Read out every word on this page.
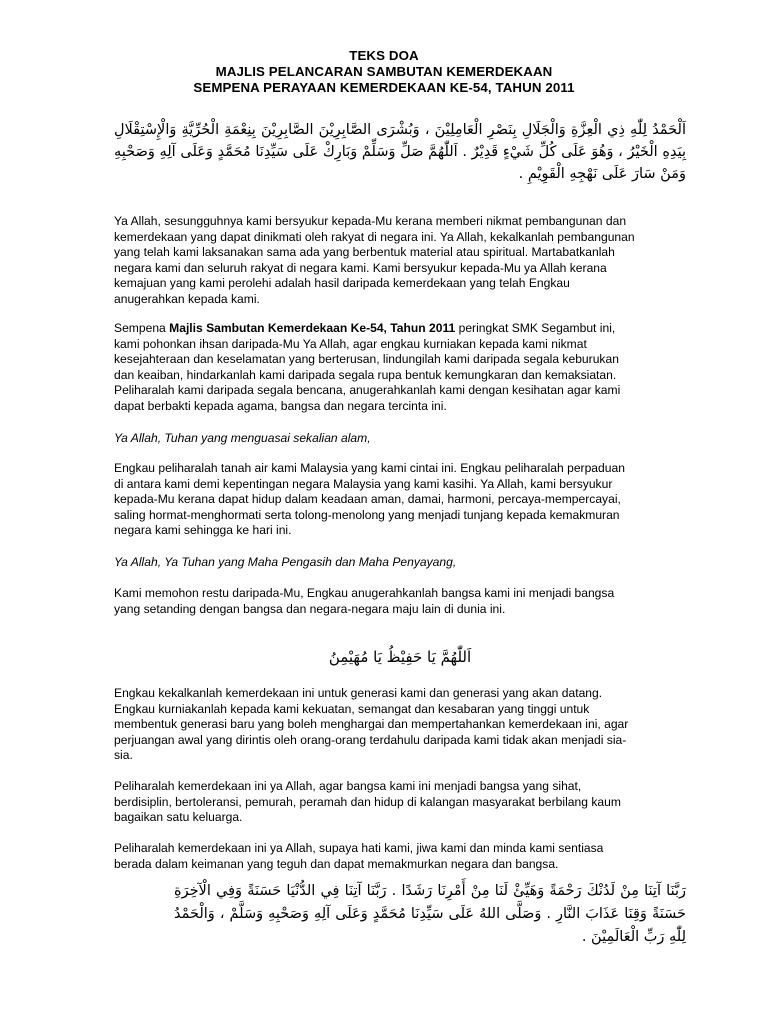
TEKS DOA
MAJLIS PELANCARAN SAMBUTAN KEMERDEKAAN
SEMPENA PERAYAAN KEMERDEKAAN KE-54, TAHUN 2011
اَلْحَمْدُ لِلّٰهِ ذِي الْعِزَّةِ وَالْجَلَالِ بِنَصْرِ الْعَامِلِيْنَ ، وَبُشْرَى الصَّابِرِيْنَ الصَّابِرِيْنَ بِنِعْمَةِ الْحُرِّيَّةِ وَالْإِسْتِقْلَالِ بِيَدِهِ الْخَيْرُ ، وَهُوَ عَلَى كُلِّ شَيْءٍ قَدِيْرٌ . اَللّٰهُمَّ صَلِّ وَسَلِّمْ وَبَارِكْ عَلَى سَيِّدِنَا مُحَمَّدٍ وَعَلَى آلِهِ وَصَحْبِهِ وَمَنْ سَارَ عَلَى نَهْجِهِ الْقَوِيْمِ .

Ya Allah, sesungguhnya kami bersyukur kepada-Mu kerana memberi nikmat pembangunan dan
kemerdekaan yang dapat dinikmati oleh rakyat di negara ini. Ya Allah, kekalkanlah pembangunan
yang telah kami laksanakan sama ada yang berbentuk material atau spiritual. Martabatkanlah
negara kami dan seluruh rakyat di negara kami. Kami bersyukur kepada-Mu ya Allah kerana
kemajuan yang kami perolehi adalah hasil daripada kemerdekaan yang telah Engkau
anugerahkan kepada kami.

Sempena Majlis Sambutan Kemerdekaan Ke-54, Tahun 2011 peringkat SMK Segambut ini,
kami pohonkan ihsan daripada-Mu Ya Allah, agar engkau kurniakan kepada kami nikmat
kesejahteraan dan keselamatan yang berterusan, lindungilah kami daripada segala keburukan
dan keaiban, hindarkanlah kami daripada segala rupa bentuk kemungkaran dan kemaksiatan.
Peliharalah kami daripada segala bencana, anugerahkanlah kami dengan kesihatan agar kami
dapat berbakti kepada agama, bangsa dan negara tercinta ini.

Ya Allah, Tuhan yang menguasai sekalian alam,

Engkau peliharalah tanah air kami Malaysia yang kami cintai ini. Engkau peliharalah perpaduan
di antara kami demi kepentingan negara Malaysia yang kami kasihi. Ya Allah, kami bersyukur
kepada-Mu kerana dapat hidup dalam keadaan aman, damai, harmoni, percaya-mempercayai,
saling hormat-menghormati serta tolong-menolong yang menjadi tunjang kepada kemakmuran
negara kami sehingga ke hari ini.

Ya Allah, Ya Tuhan yang Maha Pengasih dan Maha Penyayang,

Kami memohon restu daripada-Mu, Engkau anugerahkanlah bangsa kami ini menjadi bangsa
yang setanding dengan bangsa dan negara-negara maju lain di dunia ini.

اَللّٰهُمَّ يَا حَفِيْظُ يَا مُهَيْمِنُ

Engkau kekalkanlah kemerdekaan ini untuk generasi kami dan generasi yang akan datang.
Engkau kurniakanlah kepada kami kekuatan, semangat dan kesabaran yang tinggi untuk
membentuk generasi baru yang boleh menghargai dan mempertahankan kemerdekaan ini, agar
perjuangan awal yang dirintis oleh orang-orang terdahulu daripada kami tidak akan menjadi sia-
sia.

Peliharalah kemerdekaan ini ya Allah, agar bangsa kami ini menjadi bangsa yang sihat,
berdisiplin, bertoleransi, pemurah, peramah dan hidup di kalangan masyarakat berbilang kaum
bagaikan satu keluarga.

Peliharalah kemerdekaan ini ya Allah, supaya hati kami, jiwa kami dan minda kami sentiasa
berada dalam keimanan yang teguh dan dapat memakmurkan negara dan bangsa.

رَبَّنَا آتِنَا مِنْ لَدُنْكَ رَحْمَةً وَهَيِّئْ لَنَا مِنْ أَمْرِنَا رَشَدًا . رَبَّنَا آتِنَا فِي الدُّنْيَا حَسَنَةً وَفِي الْآخِرَةِ حَسَنَةً وَقِنَا عَذَابَ النَّارِ . وَصَلَّى اللهُ عَلَى سَيِّدِنَا مُحَمَّدٍ وَعَلَى آلِهِ وَصَحْبِهِ وَسَلَّمْ ، وَالْحَمْدُ لِلّٰهِ رَبِّ الْعَالَمِيْنَ .
